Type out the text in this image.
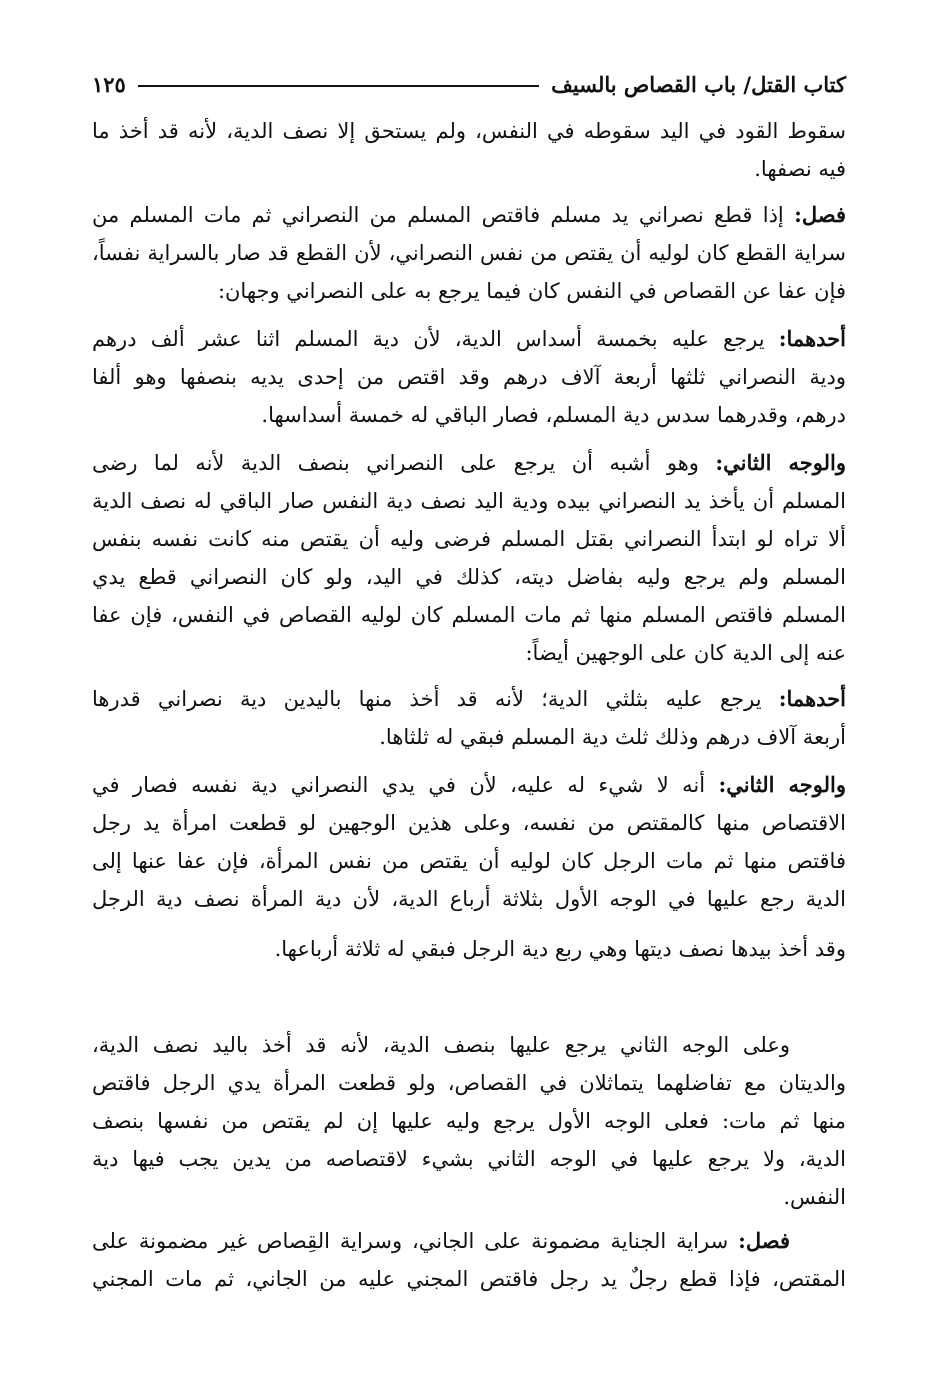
كتاب القتل/ باب القصاص بالسيف
١٢٥
سقوط القود في اليد سقوطه في النفس، ولم يستحق إلا نصف الدية، لأنه قد أخذ ما
فيه نصفها.
فصل: إذا قطع نصراني يد مسلم فاقتص المسلم من النصراني ثم مات المسلم من
سراية القطع كان لوليه أن يقتص من نفس النصراني، لأن القطع قد صار بالسراية نفساً،
فإن عفا عن القصاص في النفس كان فيما يرجع به على النصراني وجهان:
أحدهما: يرجع عليه بخمسة أسداس الدية، لأن دية المسلم اثنا عشر ألف درهم
ودية النصراني ثلثها أربعة آلاف درهم وقد اقتص من إحدى يديه بنصفها وهو ألفا
درهم، وقدرهما سدس دية المسلم، فصار الباقي له خمسة أسداسها.
والوجه الثاني: وهو أشبه أن يرجع على النصراني بنصف الدية لأنه لما رضى
المسلم أن يأخذ يد النصراني بيده ودية اليد نصف دية النفس صار الباقي له نصف الدية
ألا تراه لو ابتدأ النصراني بقتل المسلم فرضى وليه أن يقتص منه كانت نفسه بنفس
المسلم ولم يرجع وليه بفاضل ديته، كذلك في اليد، ولو كان النصراني قطع يدي
المسلم فاقتص المسلم منها ثم مات المسلم كان لوليه القصاص في النفس، فإن عفا
عنه إلى الدية كان على الوجهين أيضاً:
أحدهما: يرجع عليه بثلثي الدية؛ لأنه قد أخذ منها باليدين دية نصراني قدرها
أربعة آلاف درهم وذلك ثلث دية المسلم فبقي له ثلثاها.
والوجه الثاني: أنه لا شيء له عليه، لأن في يدي النصراني دية نفسه فصار في
الاقتصاص منها كالمقتص من نفسه، وعلى هذين الوجهين لو قطعت امرأة يد رجل
فاقتص منها ثم مات الرجل كان لوليه أن يقتص من نفس المرأة، فإن عفا عنها إلى
الدية رجع عليها في الوجه الأول بثلاثة أرباع الدية، لأن دية المرأة نصف دية الرجل
وقد أخذ بيدها نصف ديتها وهي ربع دية الرجل فبقي له ثلاثة أرباعها.
وعلى الوجه الثاني يرجع عليها بنصف الدية، لأنه قد أخذ باليد نصف الدية،
والديتان مع تفاضلهما يتماثلان في القصاص، ولو قطعت المرأة يدي الرجل فاقتص
منها ثم مات: فعلى الوجه الأول يرجع وليه عليها إن لم يقتص من نفسها بنصف
الدية، ولا يرجع عليها في الوجه الثاني بشيء لاقتصاصه من يدين يجب فيها دية
النفس.
فصل: سراية الجناية مضمونة على الجاني، وسراية القِصاص غير مضمونة على
المقتص، فإذا قطع رجلٌ يد رجل فاقتص المجني عليه من الجاني، ثم مات المجني
